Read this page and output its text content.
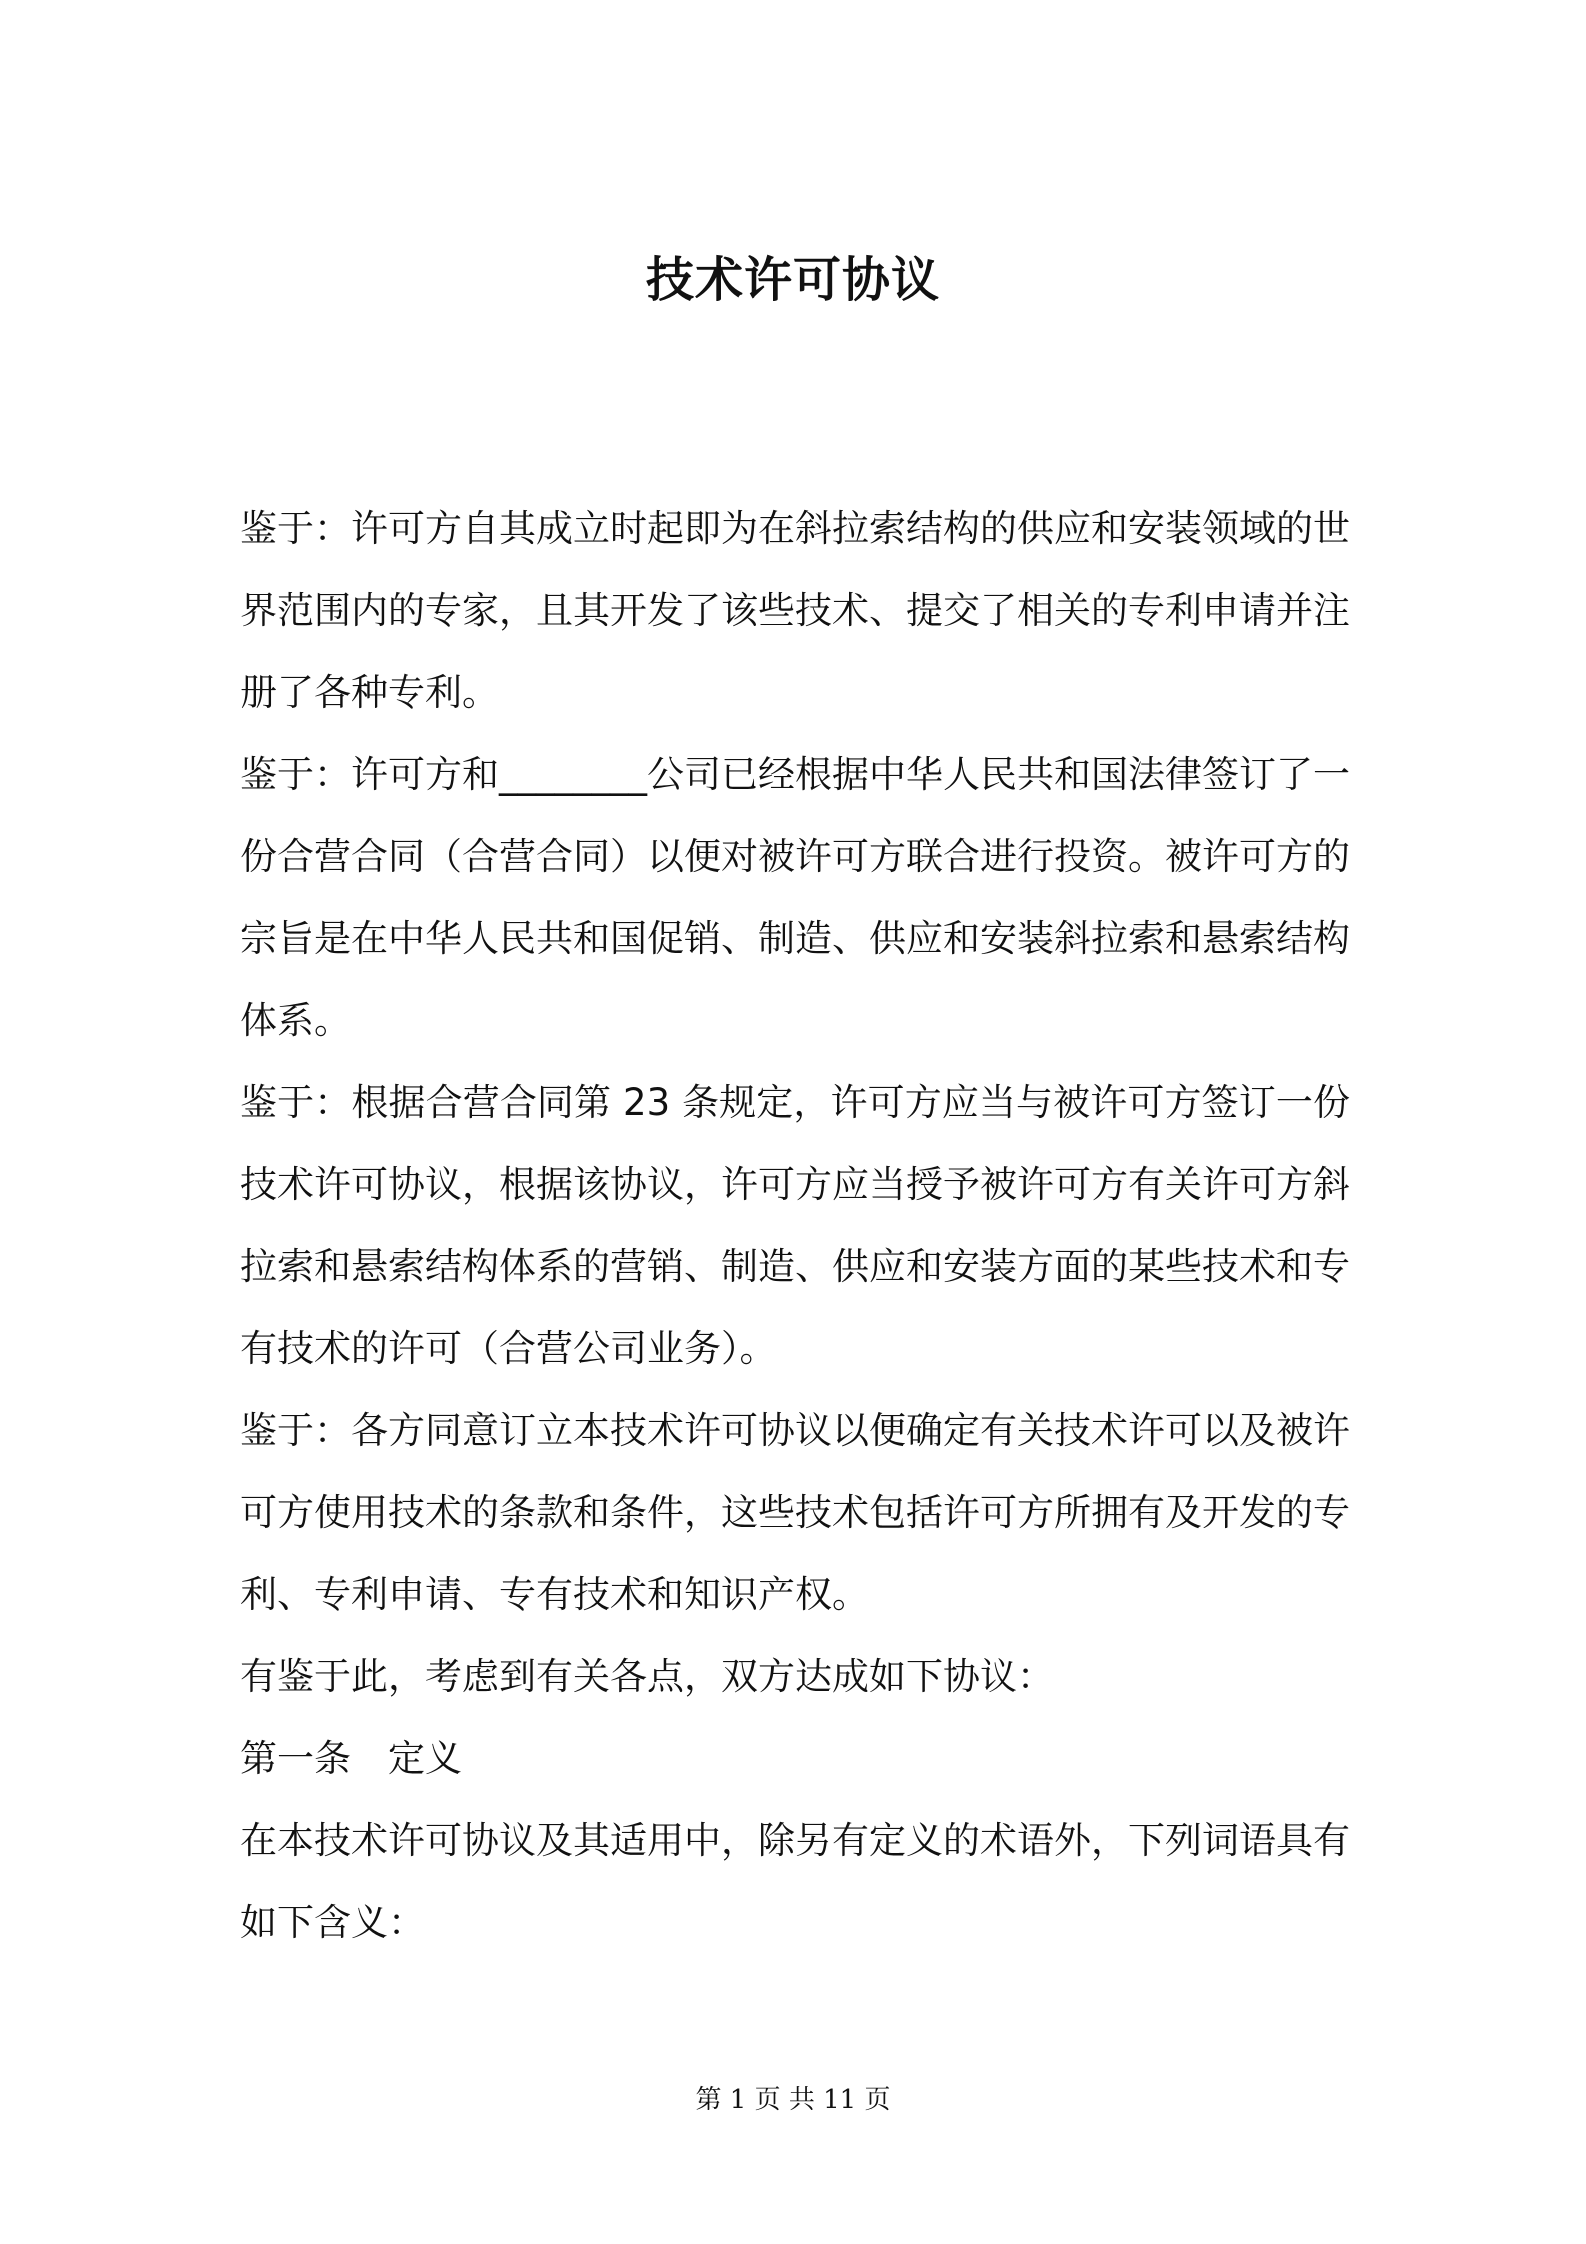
技术许可协议

鉴于：许可方自其成立时起即为在斜拉索结构的供应和安装领域的世界范围内的专家，且其开发了该些技术、提交了相关的专利申请并注册了各种专利。

鉴于：许可方和________公司已经根据中华人民共和国法律签订了一份合营合同（合营合同）以便对被许可方联合进行投资。被许可方的宗旨是在中华人民共和国促销、制造、供应和安装斜拉索和悬索结构体系。

鉴于：根据合营合同第 23 条规定，许可方应当与被许可方签订一份技术许可协议，根据该协议，许可方应当授予被许可方有关许可方斜拉索和悬索结构体系的营销、制造、供应和安装方面的某些技术和专有技术的许可（合营公司业务）。

鉴于：各方同意订立本技术许可协议以便确定有关技术许可以及被许可方使用技术的条款和条件，这些技术包括许可方所拥有及开发的专利、专利申请、专有技术和知识产权。

有鉴于此，考虑到有关各点，双方达成如下协议：

第一条　定义

在本技术许可协议及其适用中，除另有定义的术语外，下列词语具有如下含义：

第 1 页 共 11 页
